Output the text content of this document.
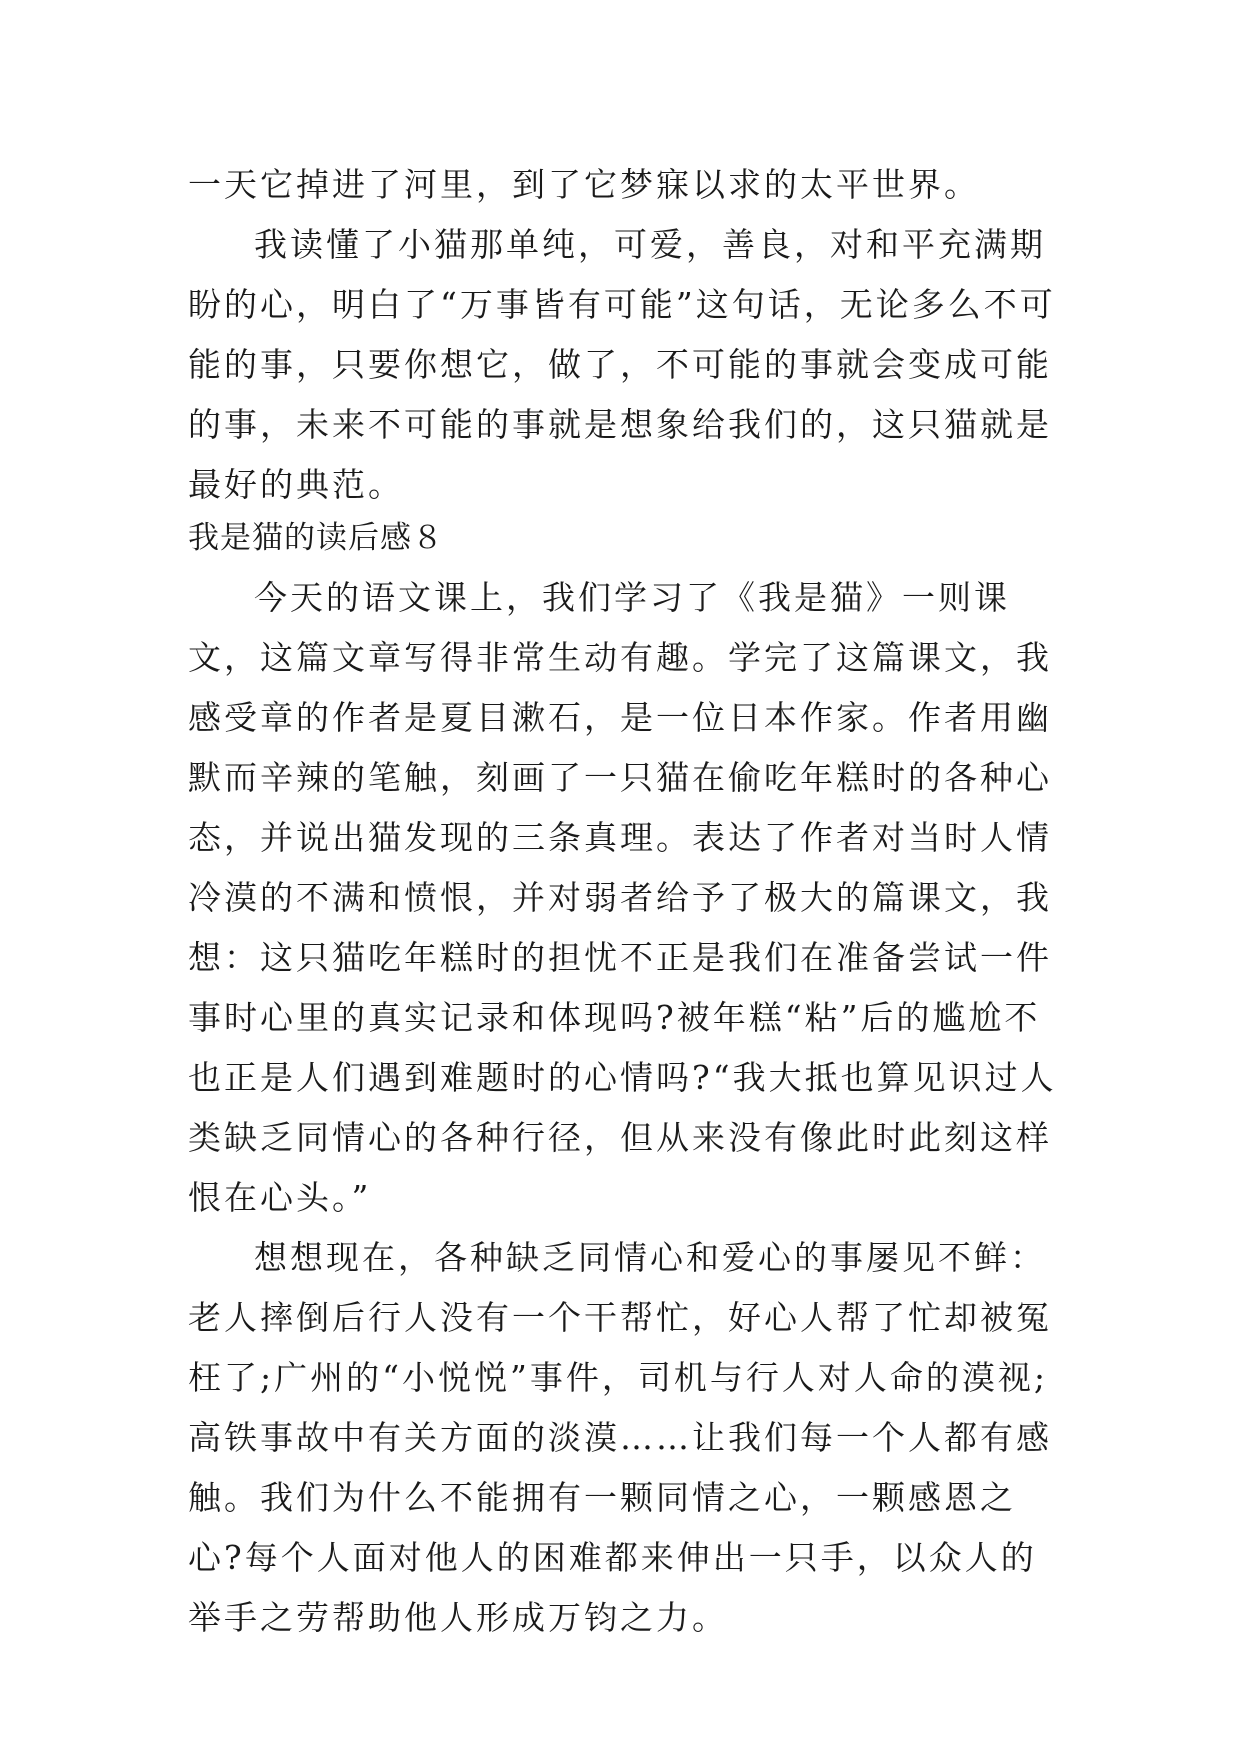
一天它掉进了河里，到了它梦寐以求的太平世界。

我读懂了小猫那单纯，可爱，善良，对和平充满期盼的心，明白了“万事皆有可能”这句话，无论多么不可能的事，只要你想它，做了，不可能的事就会变成可能的事，未来不可能的事就是想象给我们的，这只猫就是最好的典范。

我是猫的读后感８

今天的语文课上，我们学习了《我是猫》一则课文，这篇文章写得非常生动有趣。学完了这篇课文，我感受章的作者是夏目漱石，是一位日本作家。作者用幽默而辛辣的笔触，刻画了一只猫在偷吃年糕时的各种心态，并说出猫发现的三条真理。表达了作者对当时人情冷漠的不满和愤恨，并对弱者给予了极大的篇课文，我想：这只猫吃年糕时的担忧不正是我们在准备尝试一件事时心里的真实记录和体现吗?被年糕“粘”后的尴尬不也正是人们遇到难题时的心情吗?“我大抵也算见识过人类缺乏同情心的各种行径，但从来没有像此时此刻这样恨在心头。”

想想现在，各种缺乏同情心和爱心的事屡见不鲜：老人摔倒后行人没有一个干帮忙，好心人帮了忙却被冤枉了;广州的“小悦悦”事件，司机与行人对人命的漠视;高铁事故中有关方面的淡漠……让我们每一个人都有感触。我们为什么不能拥有一颗同情之心，一颗感恩之心?每个人面对他人的困难都来伸出一只手，以众人的举手之劳帮助他人形成万钧之力。
